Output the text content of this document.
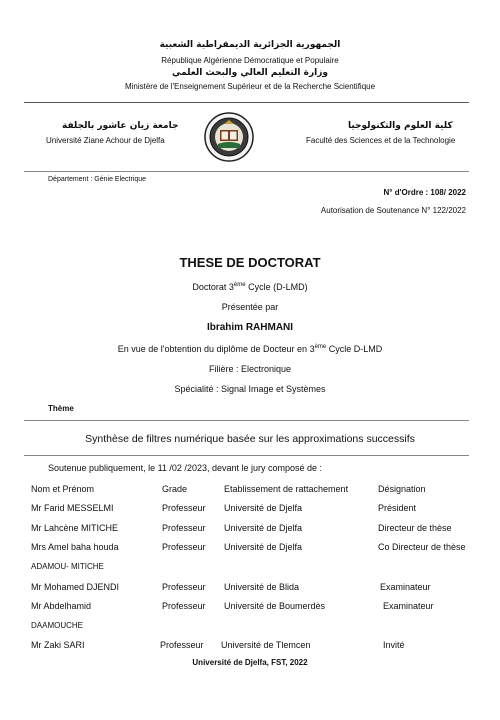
الجمهورية الجزائرية الديمقراطية الشعبية
République Algérienne Démocratique et Populaire
وزارة التعليم العالي والبحث العلمي
Ministère de l'Enseignement Supérieur et de la Recherche Scientifique
جامعة زيان عاشور بالجلفة
Université Ziane Achour de Djelfa
كلية العلوم والتكنولوجيا
Faculté des Sciences et de la Technologie
Département : Génie Electrique
N° d'Ordre : 108/ 2022
Autorisation de Soutenance N° 122/2022
THESE DE DOCTORAT
Doctorat 3ème Cycle (D-LMD)
Présentée par
Ibrahim RAHMANI
En vue de l'obtention du diplôme de Docteur en 3ème Cycle D-LMD
Filière : Electronique
Spécialité : Signal Image et Systèmes
Thème
Synthèse de filtres numérique basée sur les approximations successifs
Soutenue publiquement, le 11 /02 /2023, devant le jury composé de :
Nom et Prénom	Grade	Etablissement de rattachement	Désignation
Mr Farid MESSELMI	Professeur Université de Djelfa	Président
Mr Lahcène MITICHE	Professeur Université de Djelfa	Directeur de thèse
Mrs Amel baha houda	Professeur Université de Djelfa	Co Directeur de thèse
ADAMOU- MITICHE
Mr Mohamed DJENDI	Professeur Université de Blida	Examinateur
Mr Abdelhamid	Professeur Université de Boumerdès	Examinateur
DAAMOUCHE
Mr Zaki SARI	Professeur Université de Tlemcen	Invité
Université de Djelfa, FST, 2022
